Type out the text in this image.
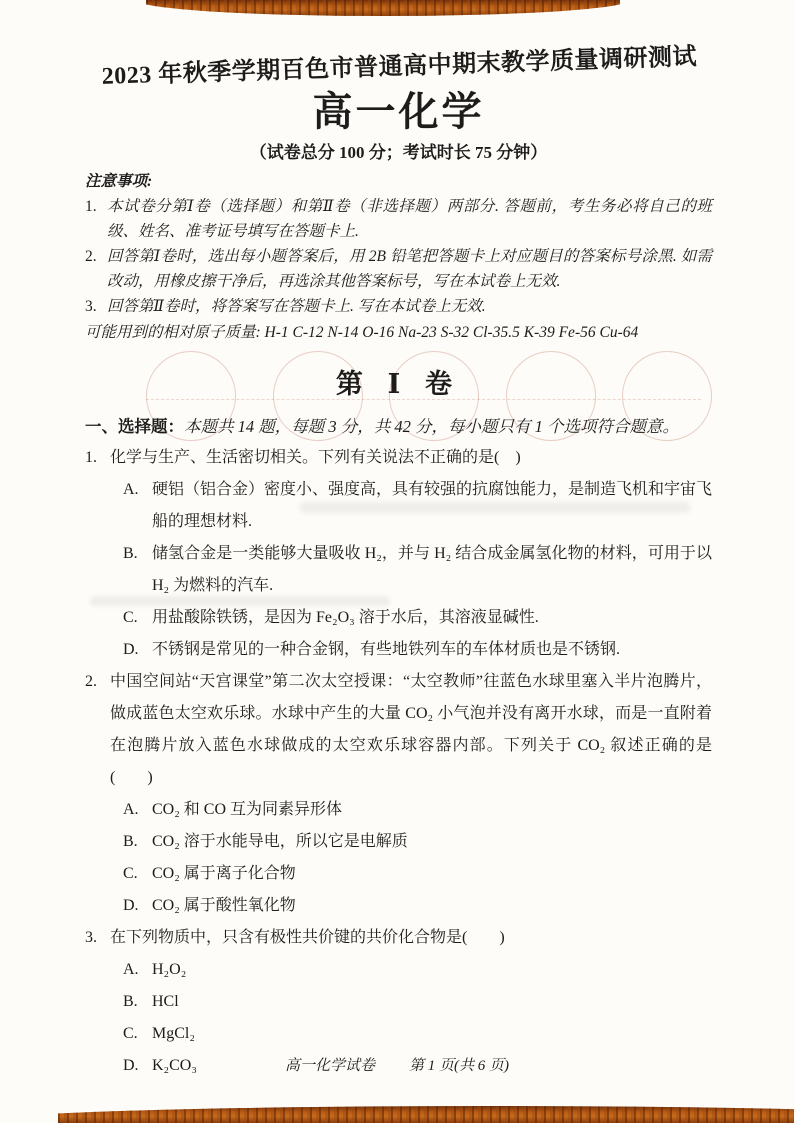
2023 年秋季学期百色市普通高中期末教学质量调研测试
高一化学
（试卷总分 100 分；考试时长 75 分钟）
注意事项:
1. 本试卷分第Ⅰ卷（选择题）和第Ⅱ卷（非选择题）两部分. 答题前，考生务必将自己的班级、姓名、准考证号填写在答题卡上.
2. 回答第Ⅰ卷时，选出每小题答案后，用 2B 铅笔把答题卡上对应题目的答案标号涂黑. 如需改动，用橡皮擦干净后，再选涂其他答案标号，写在本试卷上无效.
3. 回答第Ⅱ卷时，将答案写在答题卡上. 写在本试卷上无效.
可能用到的相对原子质量: H-1 C-12 N-14 O-16 Na-23 S-32 Cl-35.5 K-39 Fe-56 Cu-64
第 Ⅰ 卷
一、选择题：本题共 14 题，每题 3 分，共 42 分，每小题只有 1 个选项符合题意。
1. 化学与生产、生活密切相关。下列有关说法不正确的是(　)
A. 硬铝（铝合金）密度小、强度高，具有较强的抗腐蚀能力，是制造飞机和宇宙飞船的理想材料.
B. 储氢合金是一类能够大量吸收 H₂，并与 H₂ 结合成金属氢化物的材料，可用于以 H₂ 为燃料的汽车.
C. 用盐酸除铁锈，是因为 Fe₂O₃ 溶于水后，其溶液显碱性.
D. 不锈钢是常见的一种合金钢，有些地铁列车的车体材质也是不锈钢.
2. 中国空间站“天宫课堂”第二次太空授课：“太空教师”往蓝色水球里塞入半片泡腾片，做成蓝色太空欢乐球。水球中产生的大量 CO₂ 小气泡并没有离开水球，而是一直附着在泡腾片放入蓝色水球做成的太空欢乐球容器内部。下列关于 CO₂ 叙述正确的是(　　)
A. CO₂ 和 CO 互为同素异形体
B. CO₂ 溶于水能导电，所以它是电解质
C. CO₂ 属于离子化合物
D. CO₂ 属于酸性氧化物
3. 在下列物质中，只含有极性共价键的共价化合物是(　　)
A. H₂O₂
B. HCl
C. MgCl₂
D. K₂CO₃	高一化学试卷 第 1 页(共 6 页)
